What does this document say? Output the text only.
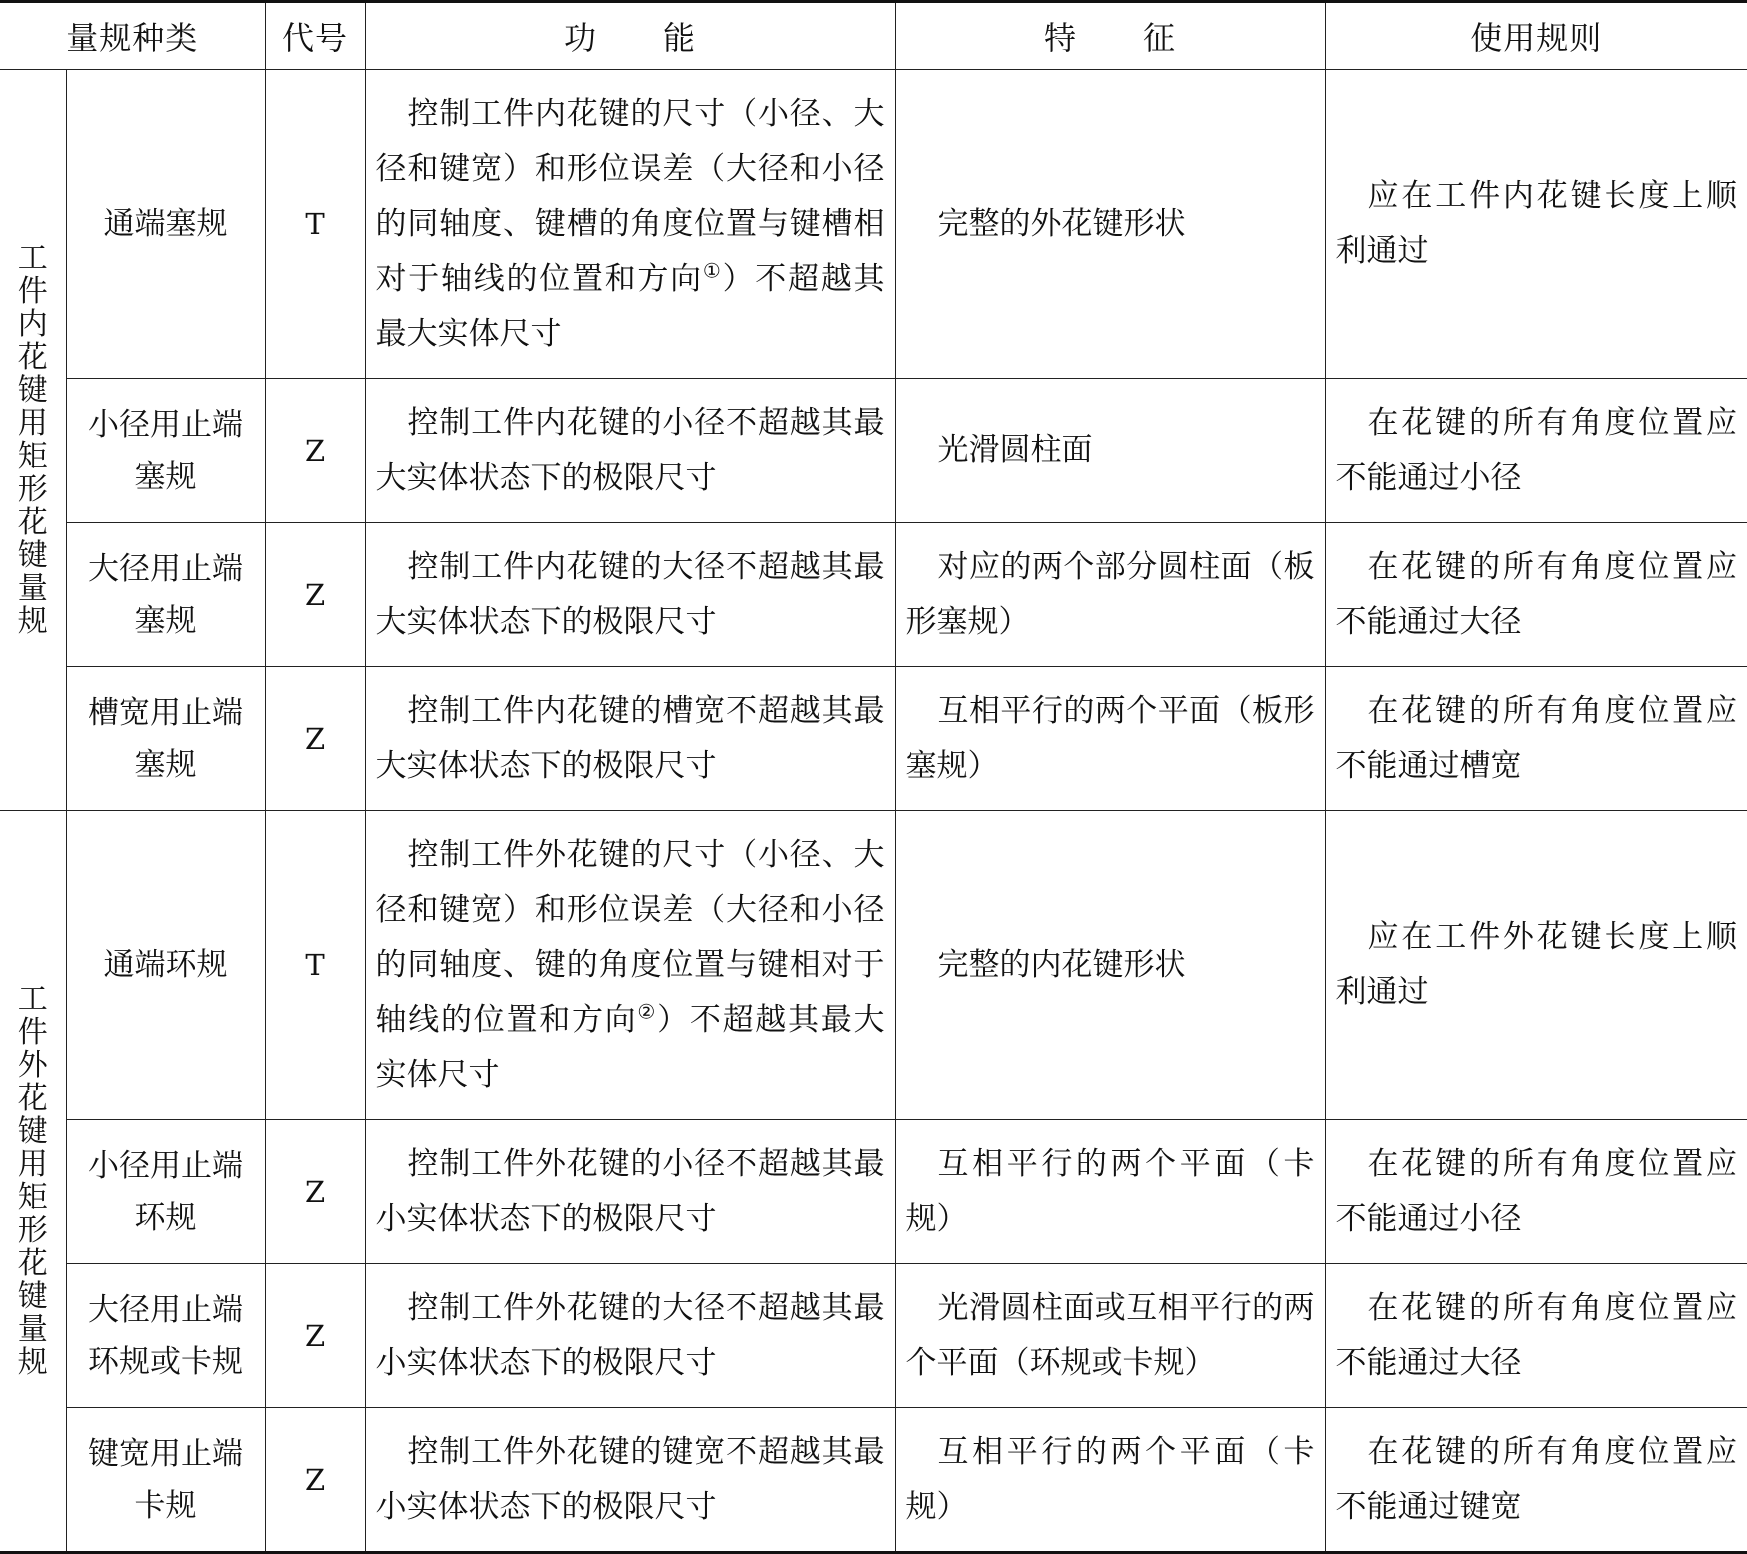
量规种类		代号	功　　能	特　　征	使用规则
工件内花键用矩形花键量规	通端塞规	T	控制工件内花键的尺寸（小径、大径和键宽）和形位误差（大径和小径的同轴度、键槽的角度位置与键槽相对于轴线的位置和方向①）不超越其最大实体尺寸	完整的外花键形状	应在工件内花键长度上顺利通过

	小径用止端塞规	Z	控制工件内花键的小径不超越其最大实体状态下的极限尺寸	光滑圆柱面	在花键的所有角度位置应不能通过小径

	大径用止端塞规	Z	控制工件内花键的大径不超越其最大实体状态下的极限尺寸	对应的两个部分圆柱面（板形塞规）	在花键的所有角度位置应不能通过大径

	槽宽用止端塞规	Z	控制工件内花键的槽宽不超越其最大实体状态下的极限尺寸	互相平行的两个平面（板形塞规）	在花键的所有角度位置应不能通过槽宽

工件外花键用矩形花键量规	通端环规	T	控制工件外花键的尺寸（小径、大径和键宽）和形位误差（大径和小径的同轴度、键的角度位置与键相对于轴线的位置和方向②）不超越其最大实体尺寸	完整的内花键形状	应在工件外花键长度上顺利通过

	小径用止端环规	Z	控制工件外花键的小径不超越其最小实体状态下的极限尺寸	互相平行的两个平面（卡规）	在花键的所有角度位置应不能通过小径

	大径用止端环规或卡规	Z	控制工件外花键的大径不超越其最小实体状态下的极限尺寸	光滑圆柱面或互相平行的两个平面（环规或卡规）	在花键的所有角度位置应不能通过大径

	键宽用止端卡规	Z	控制工件外花键的键宽不超越其最小实体状态下的极限尺寸	互相平行的两个平面（卡规）	在花键的所有角度位置应不能通过键宽
